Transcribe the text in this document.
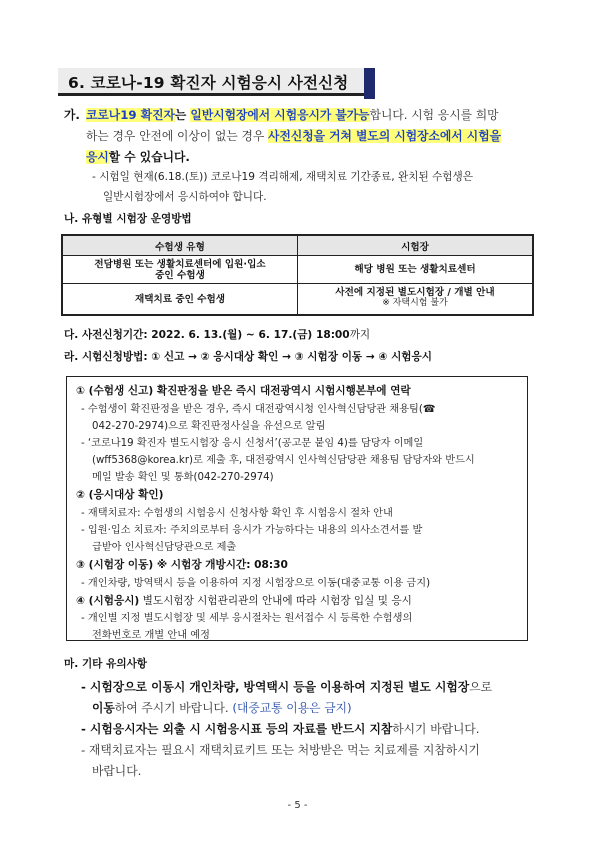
6. 코로나-19 확진자 시험응시 사전신청
가. 코로나19 확진자는 일반시험장에서 시험응시가 불가능합니다. 시험 응시를 희망
하는 경우 안전에 이상이 없는 경우 사전신청을 거쳐 별도의 시험장소에서 시험을
응시할 수 있습니다.
- 시험일 현재(6.18.(토)) 코로나19 격리해제, 재택치료 기간종료, 완치된 수험생은
일반시험장에서 응시하여야 합니다.
나. 유형별 시험장 운영방법
수험생 유형	시험장
전담병원 또는 생활치료센터에 입원·입소
중인 수험생	해당 병원 또는 생활치료센터
재택치료 중인 수험생	사전에 지정된 별도시험장 / 개별 안내
※ 자택시험 불가
다. 사전신청기간: 2022. 6. 13.(월) ~ 6. 17.(금) 18:00까지
라. 시험신청방법: ① 신고 → ② 응시대상 확인 → ③ 시험장 이동 → ④ 시험응시
① (수험생 신고) 확진판정을 받은 즉시 대전광역시 시험시행본부에 연락
- 수험생이 확진판정을 받은 경우, 즉시 대전광역시청 인사혁신담당관 채용팀(☎
042-270-2974)으로 확진판정사실을 유선으로 알림
- ‘코로나19 확진자 별도시험장 응시 신청서’(공고문 붙임 4)를 담당자 이메일
(wff5368@korea.kr)로 제출 후, 대전광역시 인사혁신담당관 채용팀 담당자와 반드시
메일 발송 확인 및 통화(042-270-2974)
② (응시대상 확인)
- 재택치료자: 수험생의 시험응시 신청사항 확인 후 시험응시 절차 안내
- 입원·입소 치료자: 주치의로부터 응시가 가능하다는 내용의 의사소견서를 발
급받아 인사혁신담당관으로 제출
③ (시험장 이동) ※ 시험장 개방시간: 08:30
- 개인차량, 방역택시 등을 이용하여 지정 시험장으로 이동(대중교통 이용 금지)
④ (시험응시) 별도시험장 시험관리관의 안내에 따라 시험장 입실 및 응시
- 개인별 지정 별도시험장 및 세부 응시절차는 원서접수 시 등록한 수험생의
전화번호로 개별 안내 예정
마. 기타 유의사항
- 시험장으로 이동시 개인차량, 방역택시 등을 이용하여 지정된 별도 시험장으로
이동하여 주시기 바랍니다. (대중교통 이용은 금지)
- 시험응시자는 외출 시 시험응시표 등의 자료를 반드시 지참하시기 바랍니다.
- 재택치료자는 필요시 재택치료키트 또는 처방받은 먹는 치료제를 지참하시기
바랍니다.
- 5 -
